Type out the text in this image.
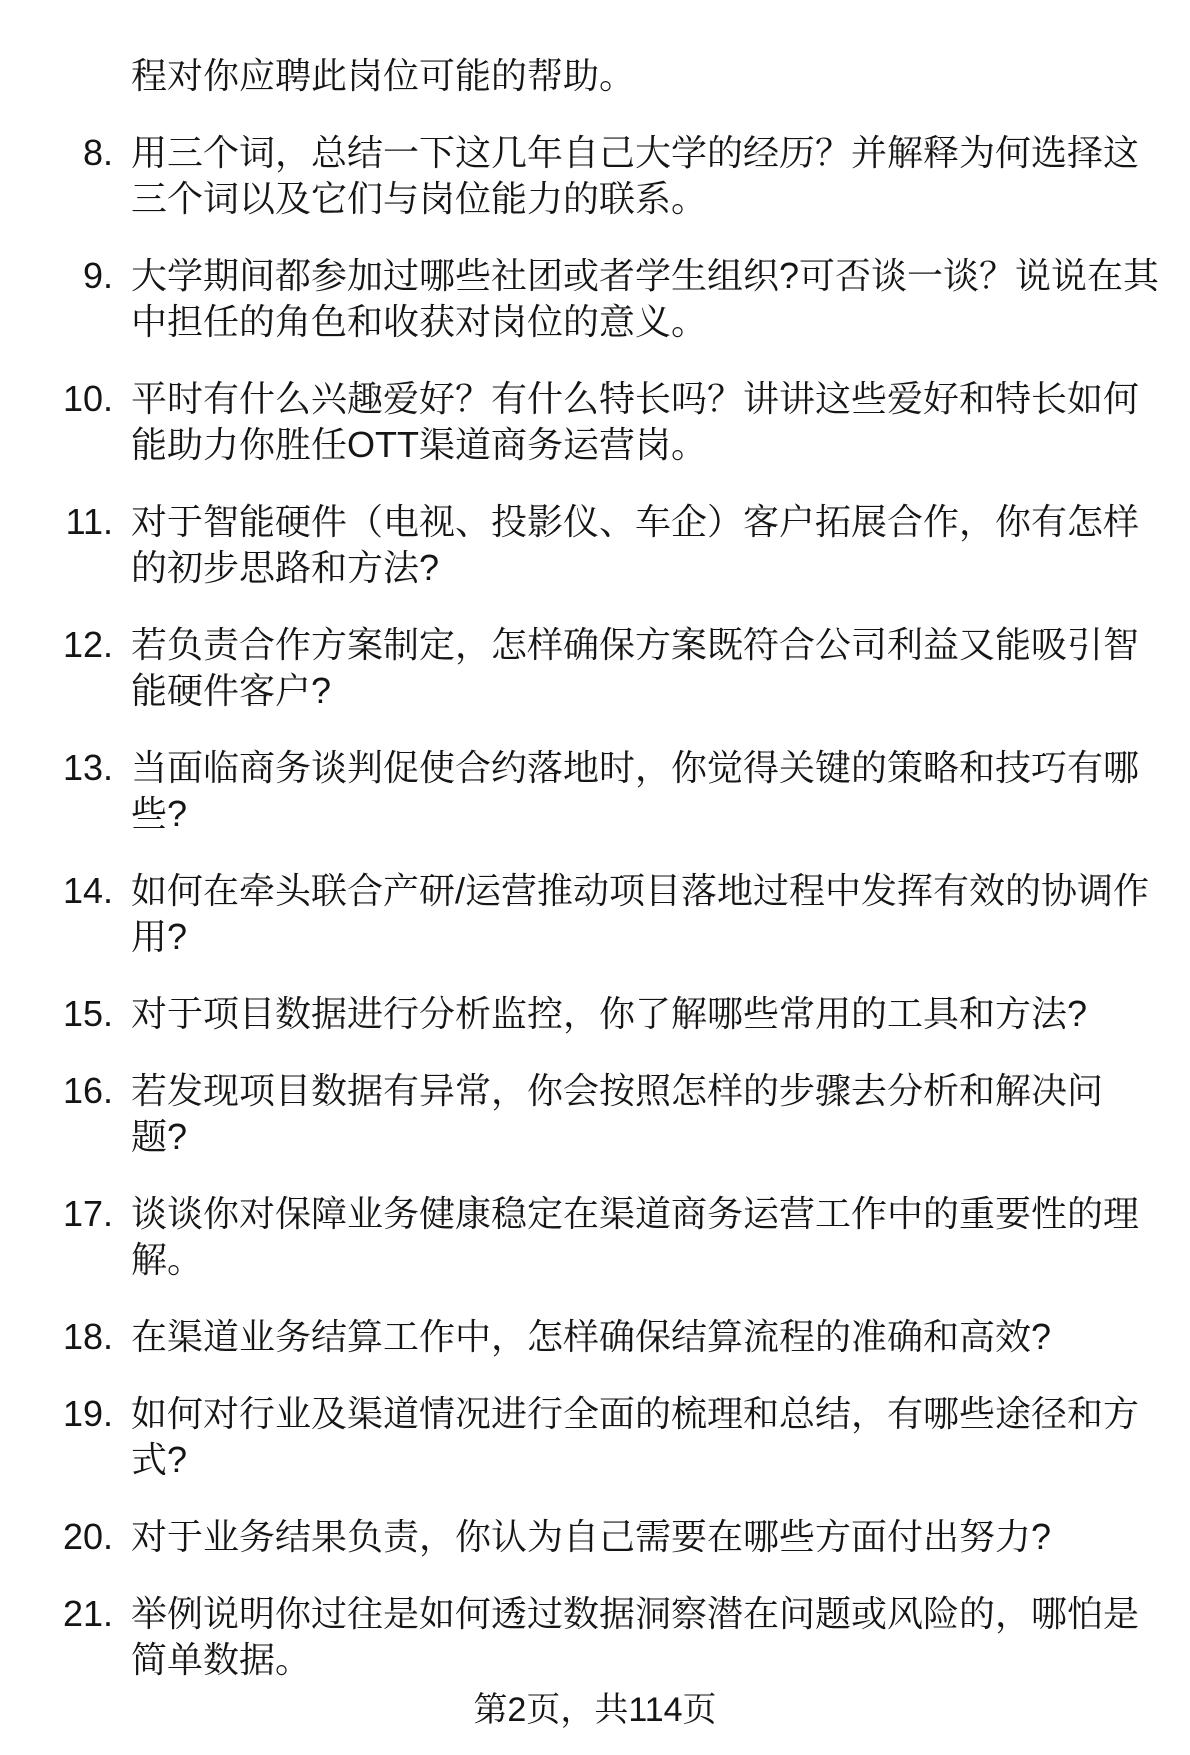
程对你应聘此岗位可能的帮助。
8. 用三个词，总结一下这几年自己大学的经历？并解释为何选择这
三个词以及它们与岗位能力的联系。
9. 大学期间都参加过哪些社团或者学生组织?可否谈一谈？说说在其
中担任的角色和收获对岗位的意义。
10. 平时有什么兴趣爱好？有什么特长吗？讲讲这些爱好和特长如何
能助力你胜任OTT渠道商务运营岗。
11. 对于智能硬件（电视、投影仪、车企）客户拓展合作，你有怎样
的初步思路和方法?
12. 若负责合作方案制定，怎样确保方案既符合公司利益又能吸引智
能硬件客户?
13. 当面临商务谈判促使合约落地时，你觉得关键的策略和技巧有哪
些?
14. 如何在牵头联合产研/运营推动项目落地过程中发挥有效的协调作
用?
15. 对于项目数据进行分析监控，你了解哪些常用的工具和方法?
16. 若发现项目数据有异常，你会按照怎样的步骤去分析和解决问
题?
17. 谈谈你对保障业务健康稳定在渠道商务运营工作中的重要性的理
解。
18. 在渠道业务结算工作中，怎样确保结算流程的准确和高效?
19. 如何对行业及渠道情况进行全面的梳理和总结，有哪些途径和方
式?
20. 对于业务结果负责，你认为自己需要在哪些方面付出努力?
21. 举例说明你过往是如何透过数据洞察潜在问题或风险的，哪怕是
简单数据。
第2页，共114页
